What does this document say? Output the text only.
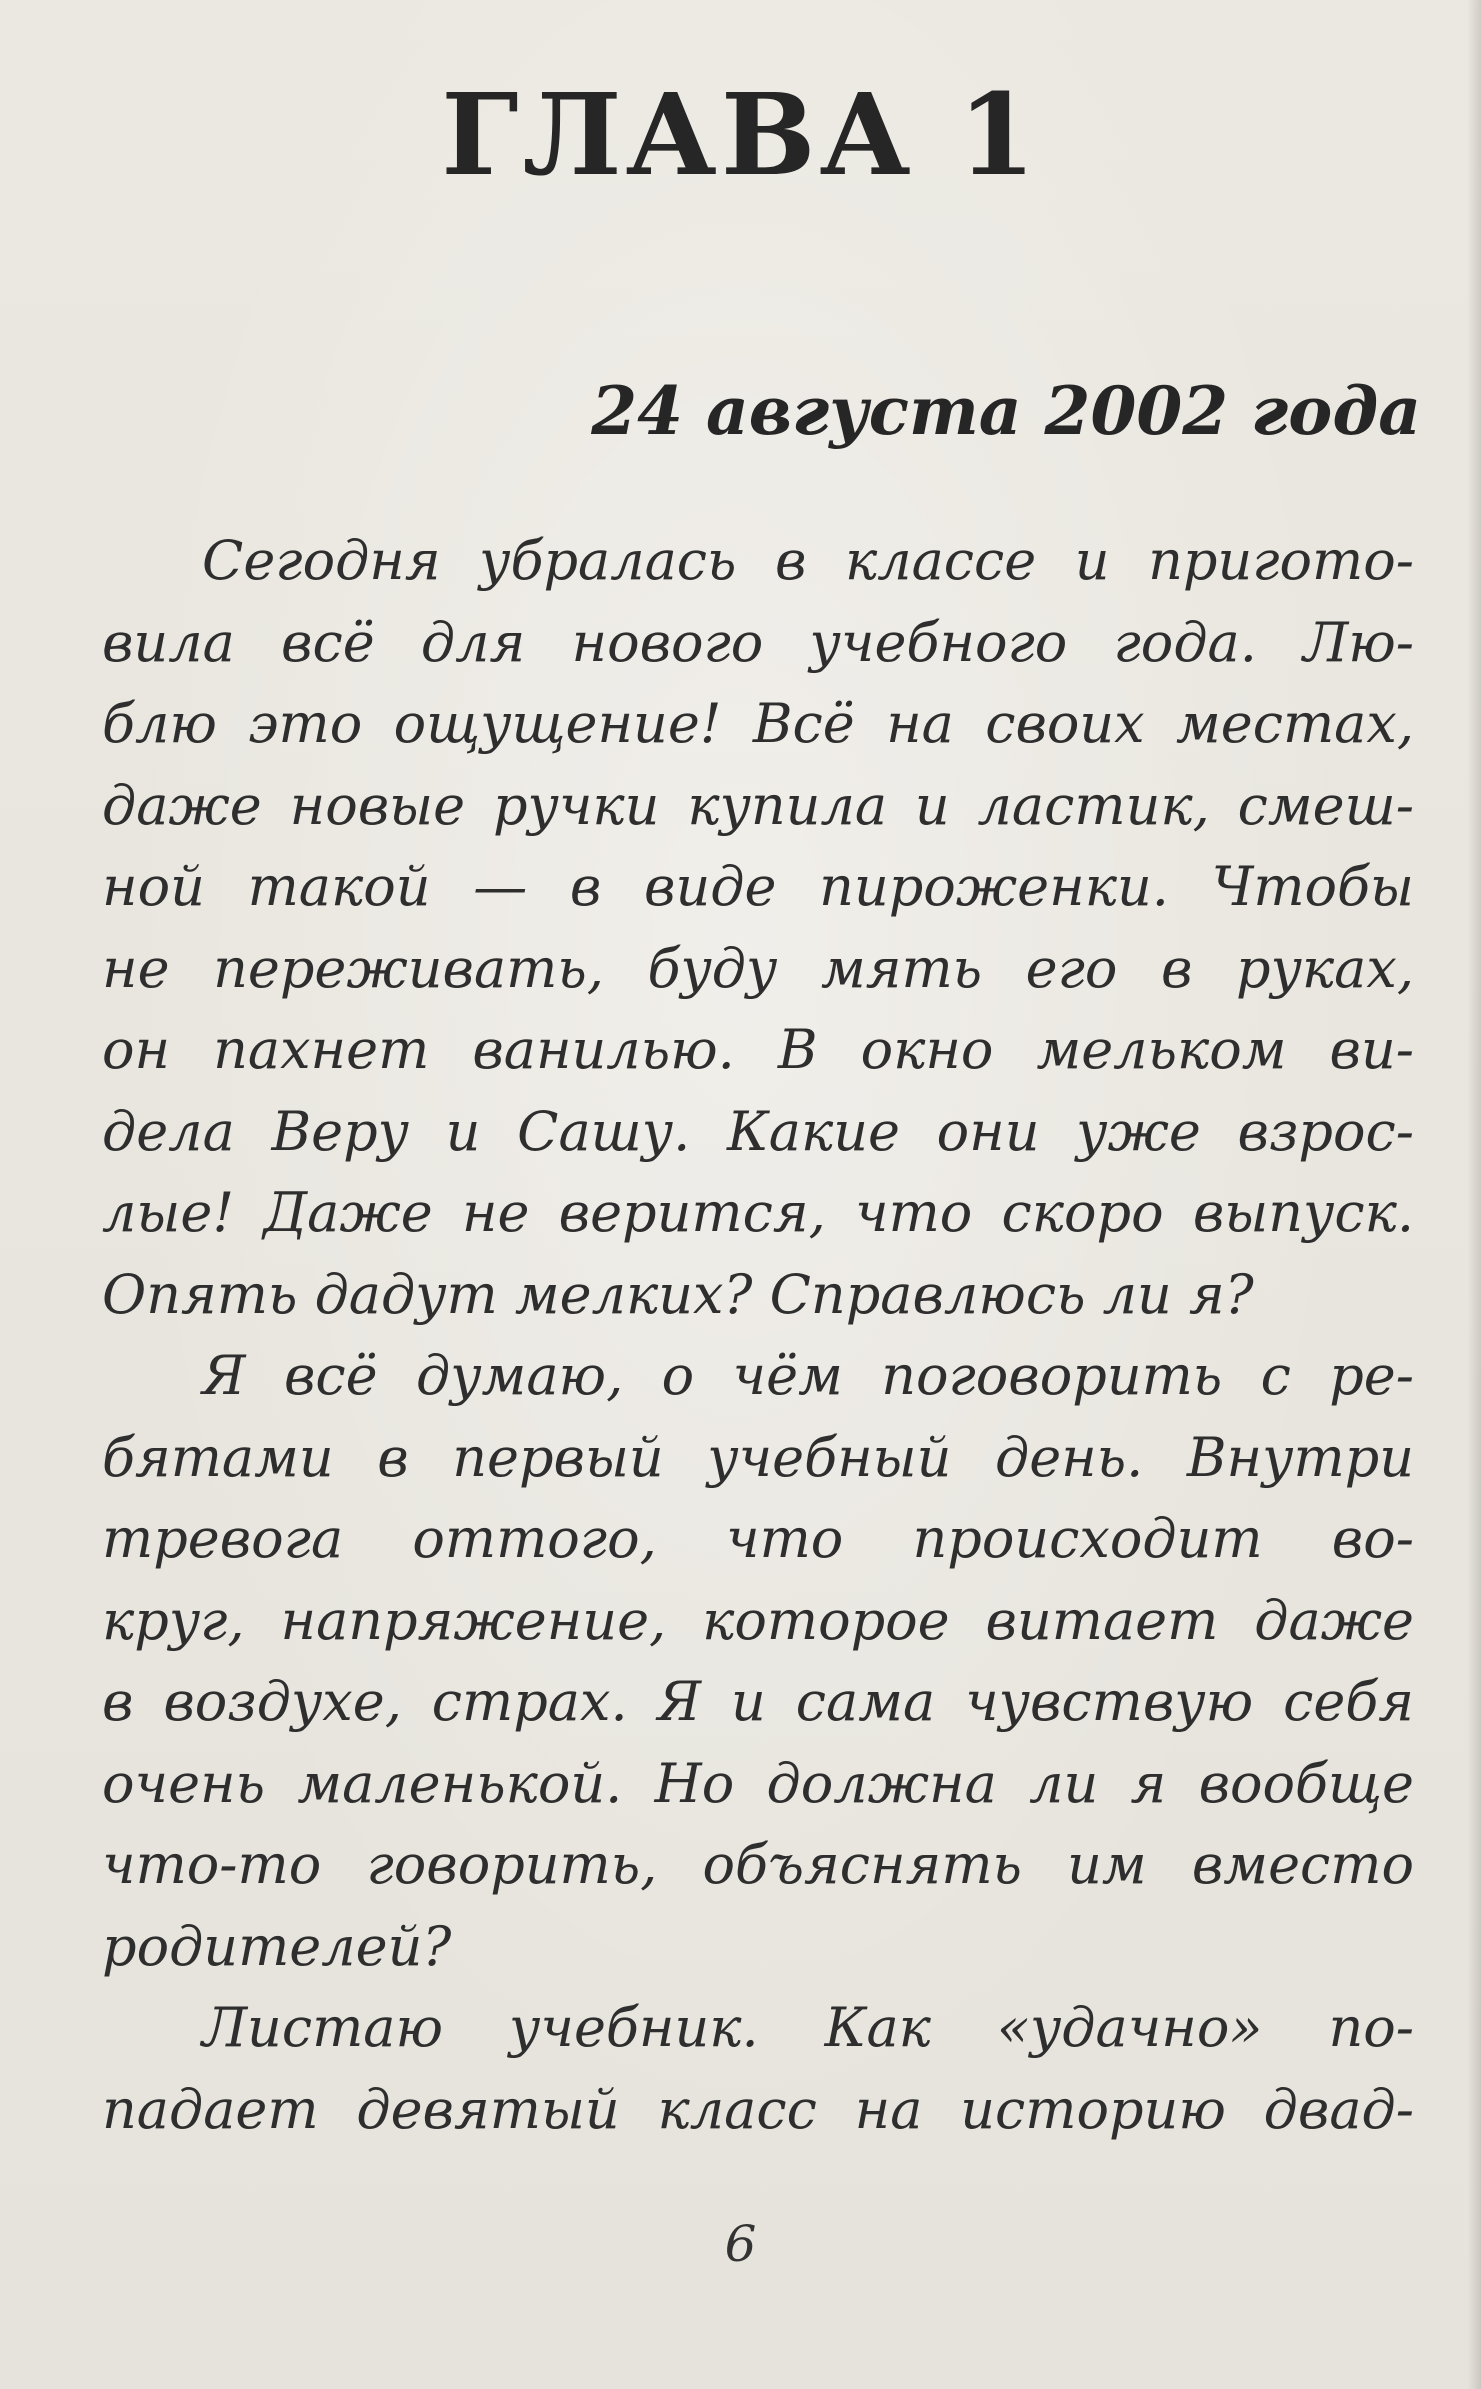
ГЛАВА 1
24 августа 2002 года
Сегодня убралась в классе и пригото-
вила всё для нового учебного года. Лю-
блю это ощущение! Всё на своих местах,
даже новые ручки купила и ластик, смеш-
ной такой — в виде пироженки. Чтобы
не переживать, буду мять его в руках,
он пахнет ванилью. В окно мельком ви-
дела Веру и Сашу. Какие они уже взрос-
лые! Даже не верится, что скоро выпуск.
Опять дадут мелких? Справлюсь ли я?
Я всё думаю, о чём поговорить с ре-
бятами в первый учебный день. Внутри
тревога оттого, что происходит во-
круг, напряжение, которое витает даже
в воздухе, страх. Я и сама чувствую себя
очень маленькой. Но должна ли я вообще
что-то говорить, объяснять им вместо
родителей?
Листаю учебник. Как «удачно» по-
падает девятый класс на историю двад-
6
